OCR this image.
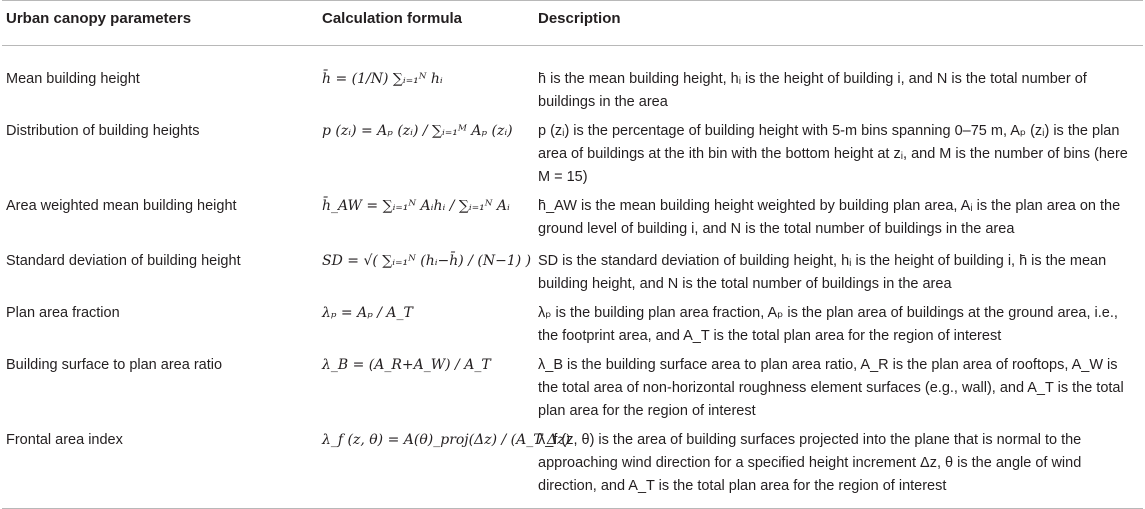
Urban canopy parameters	Calculation formula	Description
Mean building height	h̄ = (1/N) ∑ᵢ₌₁ᴺ hᵢ	h̄ is the mean building height, hᵢ is the height of building i, and N is the total number of buildings in the area
Distribution of building heights	p (zᵢ) = Aₚ (zᵢ) / ∑ᵢ₌₁ᴹ Aₚ (zᵢ)	p (zᵢ) is the percentage of building height with 5-m bins spanning 0–75 m, Aₚ (zᵢ) is the plan area of buildings at the ith bin with the bottom height at zᵢ, and M is the number of bins (here M = 15)
Area weighted mean building height	h̄_AW = ∑ᵢ₌₁ᴺ Aᵢhᵢ / ∑ᵢ₌₁ᴺ Aᵢ	h̄_AW is the mean building height weighted by building plan area, Aᵢ is the plan area on the ground level of building i, and N is the total number of buildings in the area
Standard deviation of building height	SD = √( ∑ᵢ₌₁ᴺ (hᵢ−h̄) / (N−1) )	SD is the standard deviation of building height, hᵢ is the height of building i, h̄ is the mean building height, and N is the total number of buildings in the area
Plan area fraction	λₚ = Aₚ / A_T	λₚ is the building plan area fraction, Aₚ is the plan area of buildings at the ground area, i.e., the footprint area, and A_T is the total plan area for the region of interest
Building surface to plan area ratio	λ_B = (A_R+A_W) / A_T	λ_B is the building surface area to plan area ratio, A_R is the plan area of rooftops, A_W is the total area of non-horizontal roughness element surfaces (e.g., wall), and A_T is the total plan area for the region of interest
Frontal area index	λ_f (z, θ) = A(θ)_proj(Δz) / (A_T Δz)	λ_f (z, θ) is the area of building surfaces projected into the plane that is normal to the approaching wind direction for a specified height increment Δz, θ is the angle of wind direction, and A_T is the total plan area for the region of interest
